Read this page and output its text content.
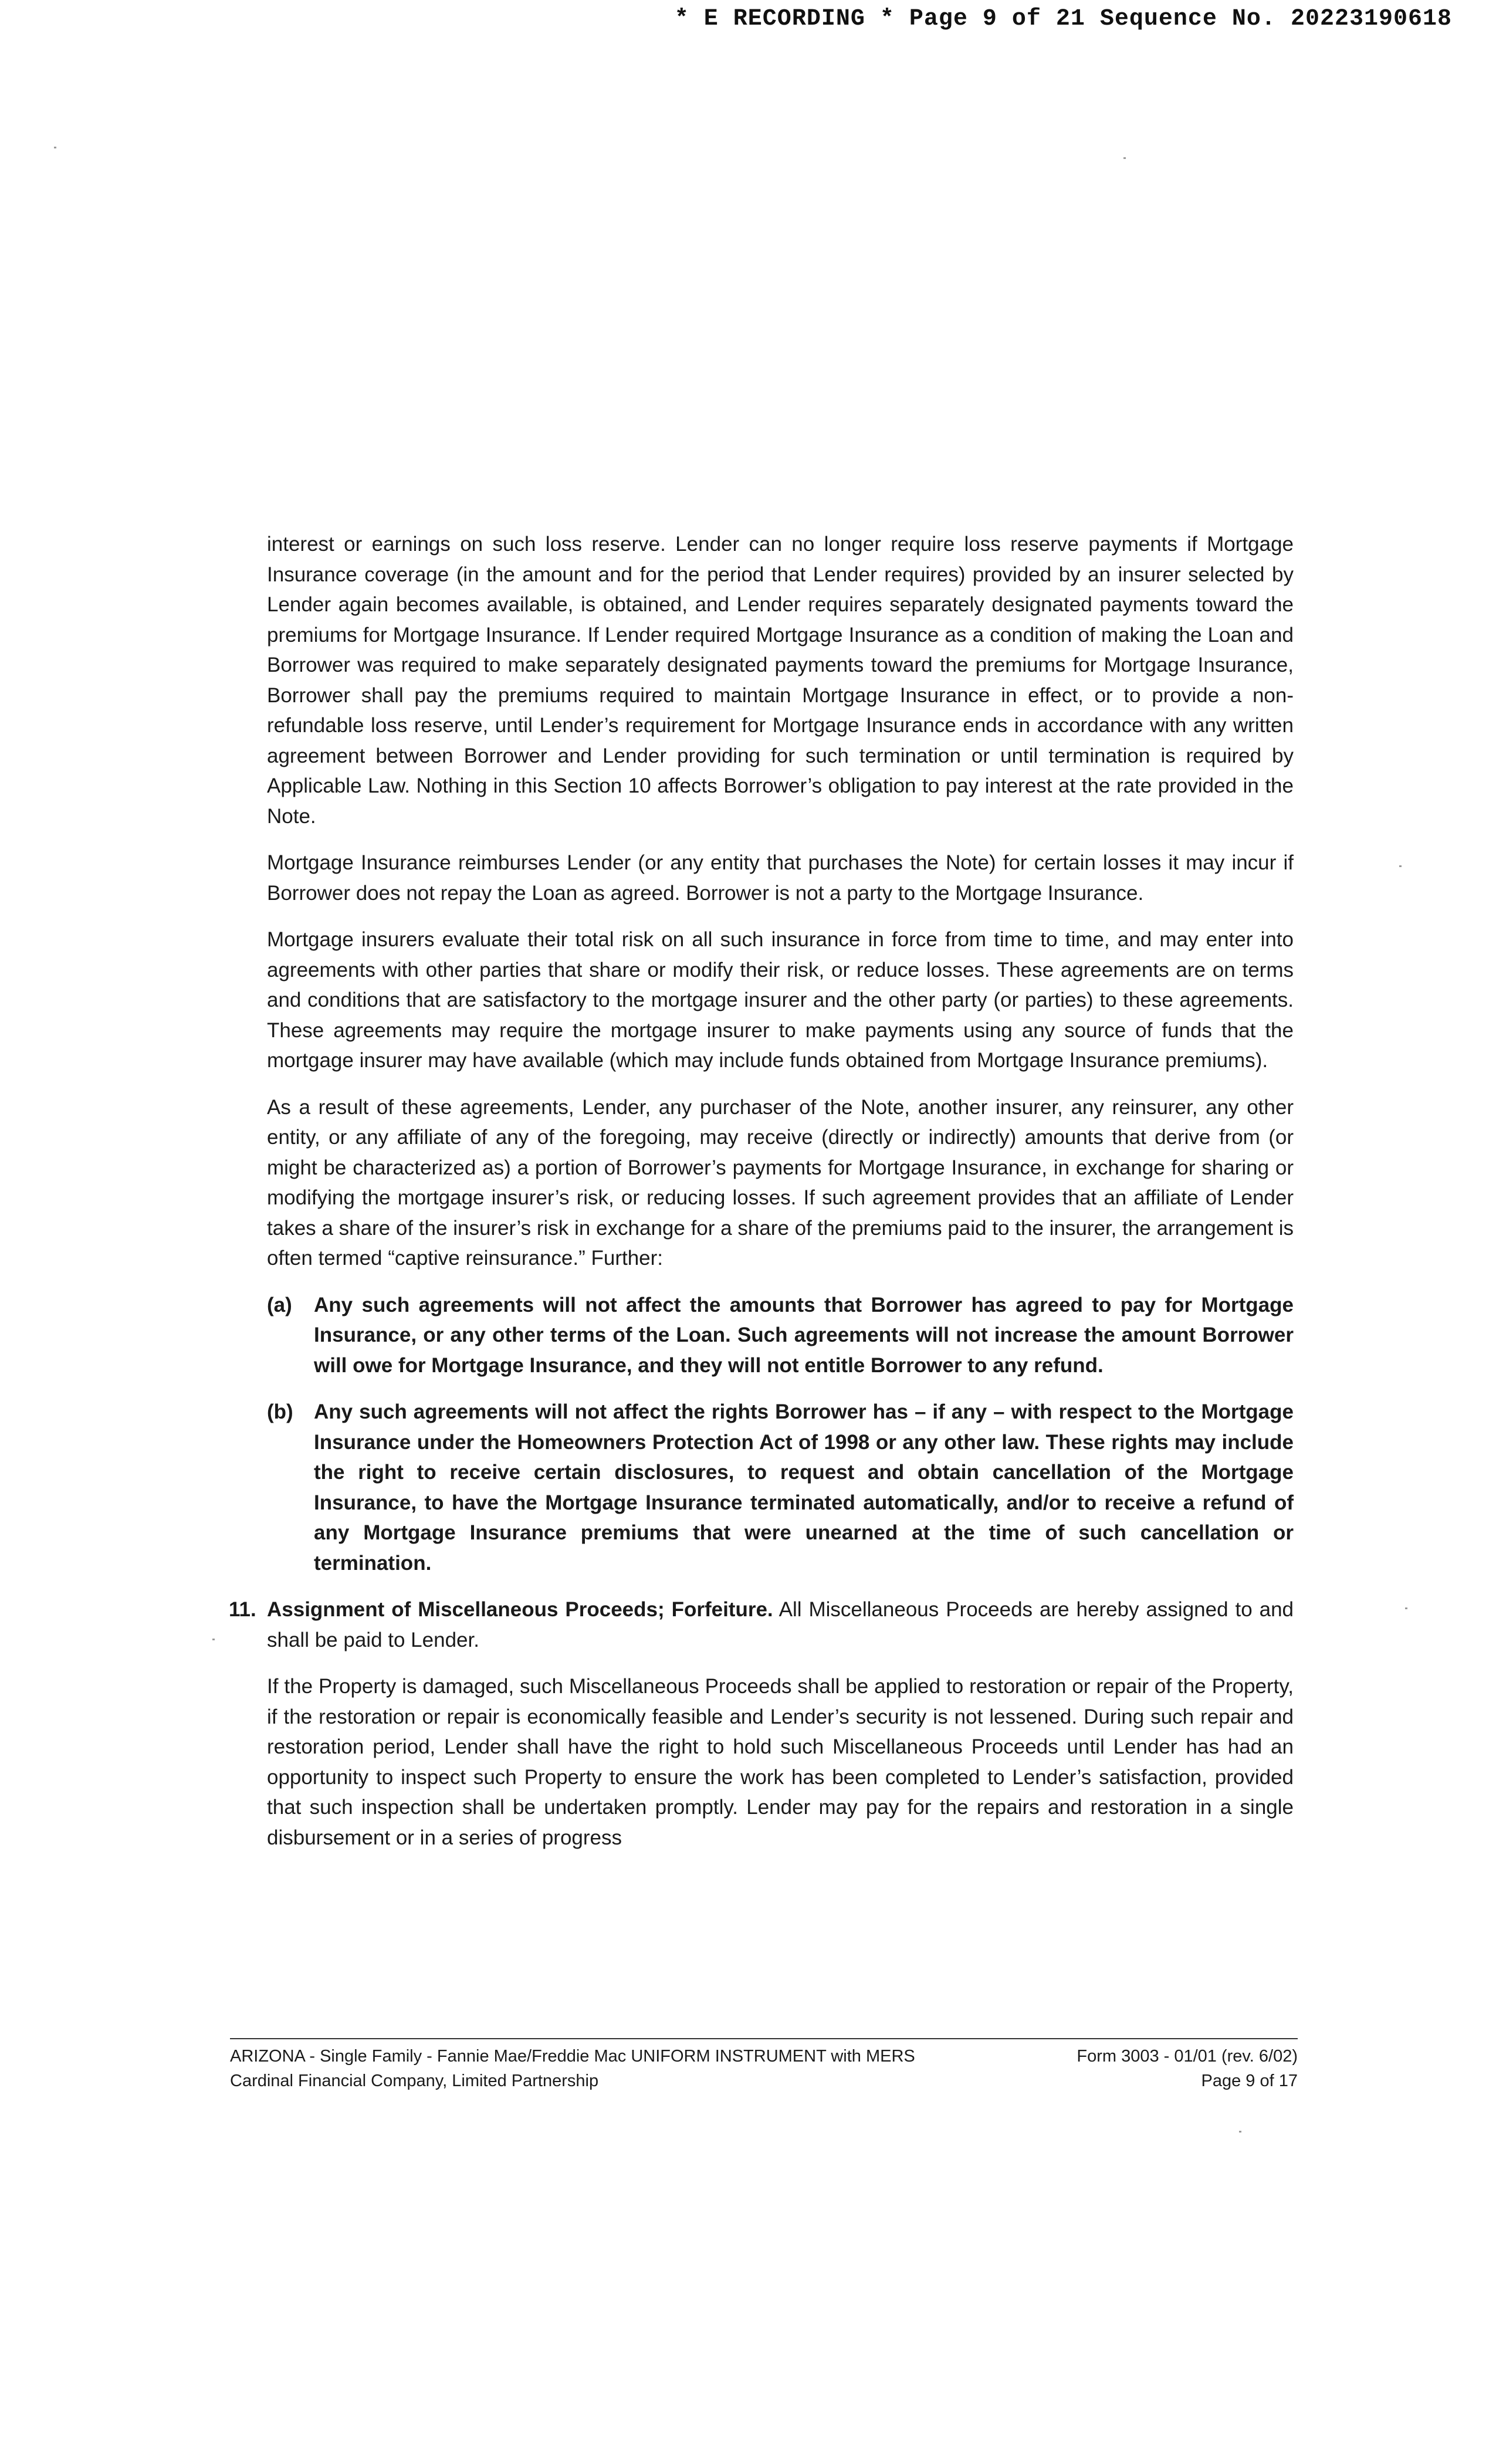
* E RECORDING * Page 9 of 21 Sequence No. 20223190618

interest or earnings on such loss reserve. Lender can no longer require loss reserve payments if Mortgage Insurance coverage (in the amount and for the period that Lender requires) provided by an insurer selected by Lender again becomes available, is obtained, and Lender requires separately designated payments toward the premiums for Mortgage Insurance. If Lender required Mortgage Insurance as a condition of making the Loan and Borrower was required to make separately designated payments toward the premiums for Mortgage Insurance, Borrower shall pay the premiums required to maintain Mortgage Insurance in effect, or to provide a non-refundable loss reserve, until Lender’s requirement for Mortgage Insurance ends in accordance with any written agreement between Borrower and Lender providing for such termination or until termination is required by Applicable Law. Nothing in this Section 10 affects Borrower’s obligation to pay interest at the rate provided in the Note.

Mortgage Insurance reimburses Lender (or any entity that purchases the Note) for certain losses it may incur if Borrower does not repay the Loan as agreed. Borrower is not a party to the Mortgage Insurance.

Mortgage insurers evaluate their total risk on all such insurance in force from time to time, and may enter into agreements with other parties that share or modify their risk, or reduce losses. These agreements are on terms and conditions that are satisfactory to the mortgage insurer and the other party (or parties) to these agreements. These agreements may require the mortgage insurer to make payments using any source of funds that the mortgage insurer may have available (which may include funds obtained from Mortgage Insurance premiums).

As a result of these agreements, Lender, any purchaser of the Note, another insurer, any reinsurer, any other entity, or any affiliate of any of the foregoing, may receive (directly or indirectly) amounts that derive from (or might be characterized as) a portion of Borrower’s payments for Mortgage Insurance, in exchange for sharing or modifying the mortgage insurer’s risk, or reducing losses. If such agreement provides that an affiliate of Lender takes a share of the insurer’s risk in exchange for a share of the premiums paid to the insurer, the arrangement is often termed “captive reinsurance.” Further:

(a)	Any such agreements will not affect the amounts that Borrower has agreed to pay for Mortgage Insurance, or any other terms of the Loan. Such agreements will not increase the amount Borrower will owe for Mortgage Insurance, and they will not entitle Borrower to any refund.
(b)	Any such agreements will not affect the rights Borrower has – if any – with respect to the Mortgage Insurance under the Homeowners Protection Act of 1998 or any other law. These rights may include the right to receive certain disclosures, to request and obtain cancellation of the Mortgage Insurance, to have the Mortgage Insurance terminated automatically, and/or to receive a refund of any Mortgage Insurance premiums that were unearned at the time of such cancellation or termination.
11. Assignment of Miscellaneous Proceeds; Forfeiture. All Miscellaneous Proceeds are hereby assigned to and shall be paid to Lender.

If the Property is damaged, such Miscellaneous Proceeds shall be applied to restoration or repair of the Property, if the restoration or repair is economically feasible and Lender’s security is not lessened. During such repair and restoration period, Lender shall have the right to hold such Miscellaneous Proceeds until Lender has had an opportunity to inspect such Property to ensure the work has been completed to Lender’s satisfaction, provided that such inspection shall be undertaken promptly. Lender may pay for the repairs and restoration in a single disbursement or in a series of progress

ARIZONA - Single Family - Fannie Mae/Freddie Mac UNIFORM INSTRUMENT with MERS
Cardinal Financial Company, Limited Partnership
Form 3003 - 01/01 (rev. 6/02)
Page 9 of 17
